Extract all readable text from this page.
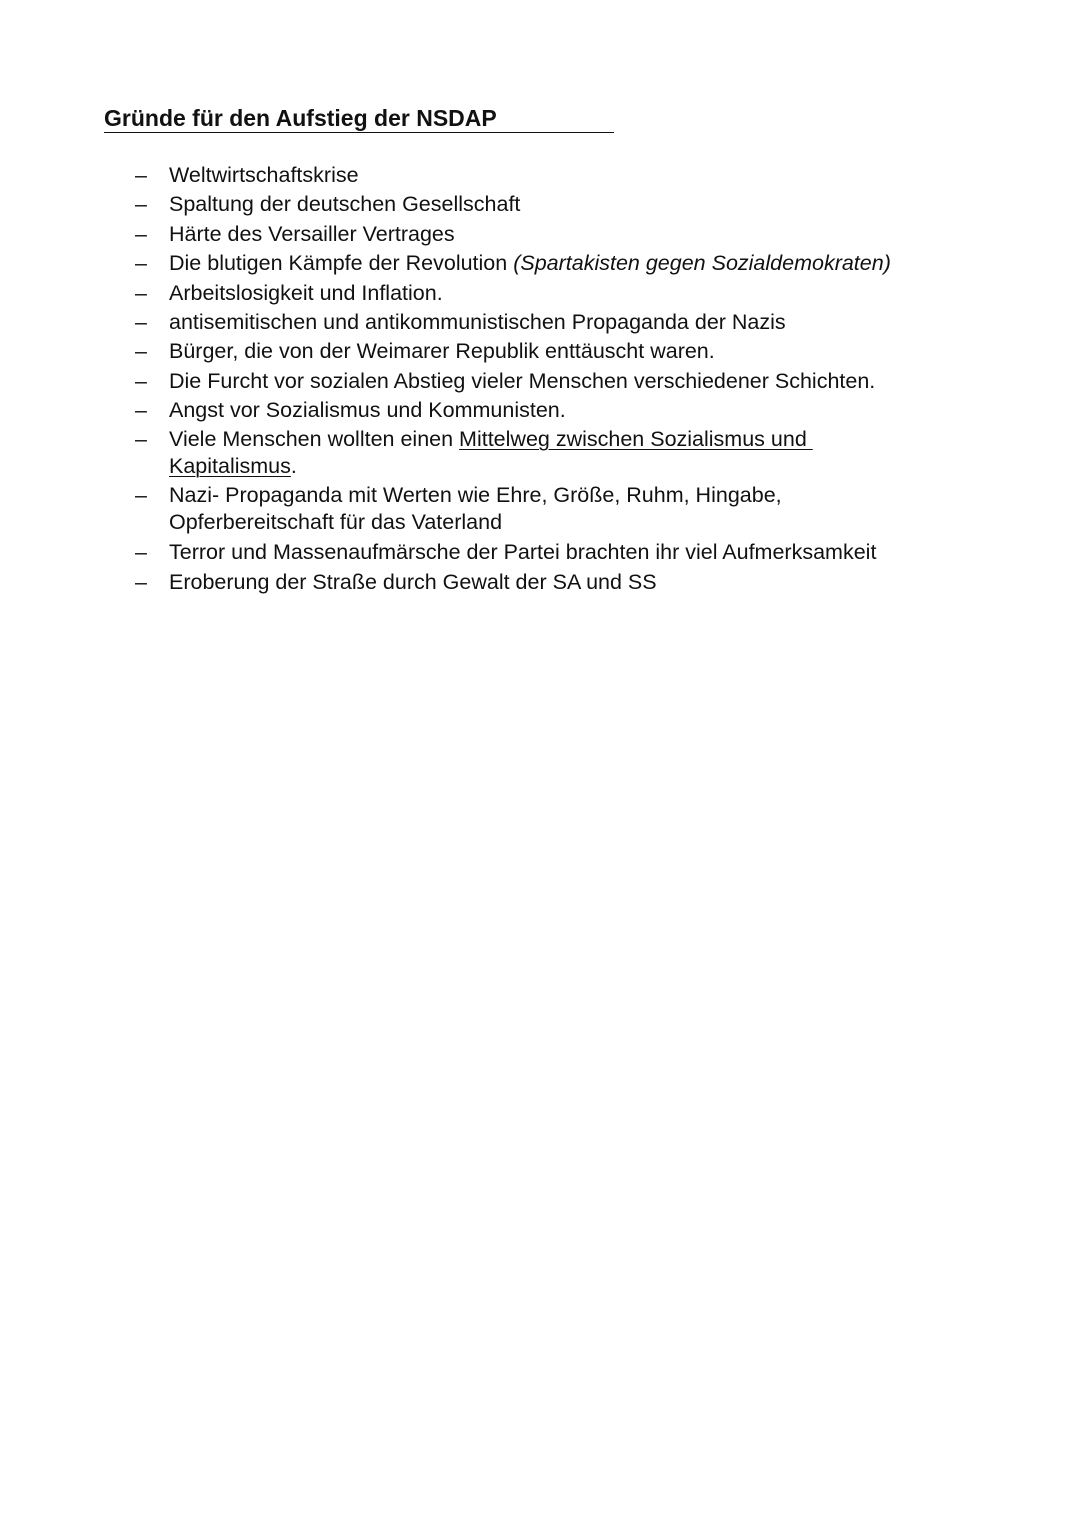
Gründe für den Aufstieg der NSDAP
– Weltwirtschaftskrise
– Spaltung der deutschen Gesellschaft
– Härte des Versailler Vertrages
– Die blutigen Kämpfe der Revolution (Spartakisten gegen Sozialdemokraten)
– Arbeitslosigkeit und Inflation.
– antisemitischen und antikommunistischen Propaganda der Nazis
– Bürger, die von der Weimarer Republik enttäuscht waren.
– Die Furcht vor sozialen Abstieg vieler Menschen verschiedener Schichten.
– Angst vor Sozialismus und Kommunisten.
– Viele Menschen wollten einen Mittelweg zwischen Sozialismus und
Kapitalismus.
– Nazi- Propaganda mit Werten wie Ehre, Größe, Ruhm, Hingabe,
Opferbereitschaft für das Vaterland
– Terror und Massenaufmärsche der Partei brachten ihr viel Aufmerksamkeit
– Eroberung der Straße durch Gewalt der SA und SS
